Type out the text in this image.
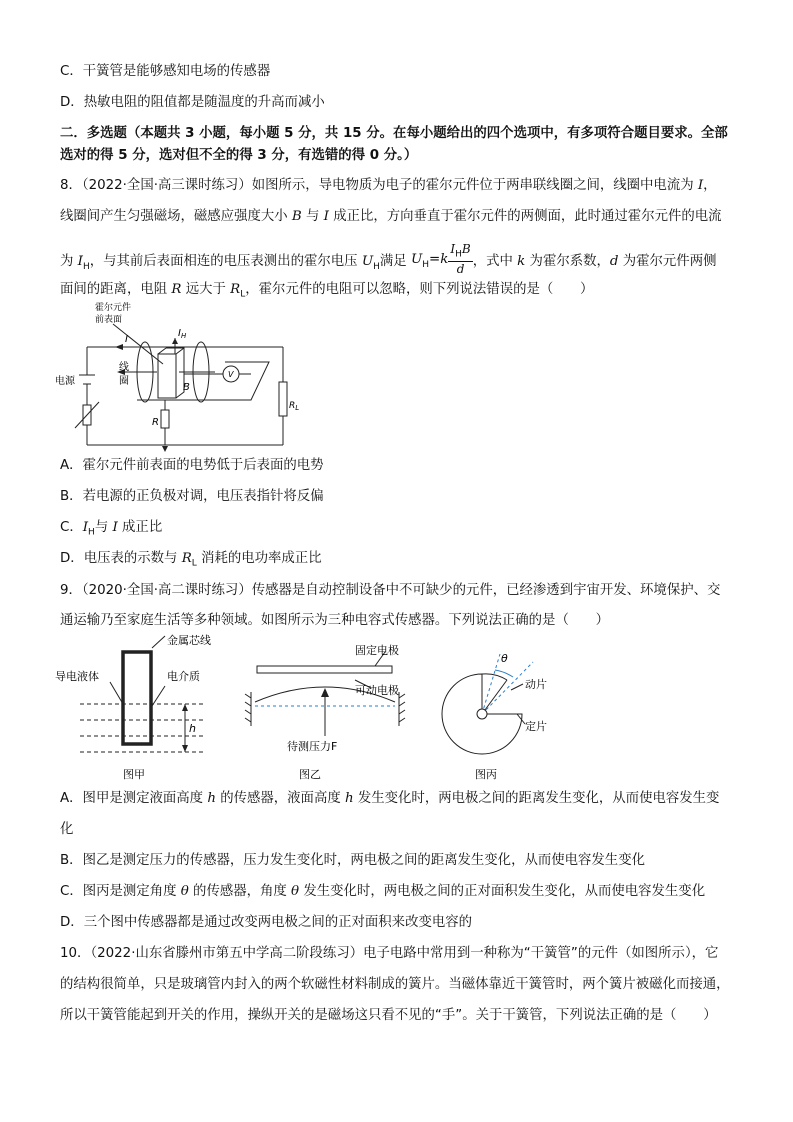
C．干簧管是能够感知电场的传感器
D．热敏电阻的阻值都是随温度的升高而减小
二．多选题（本题共 3 小题，每小题 5 分，共 15 分。在每小题给出的四个选项中，有多项符合题目要求。全部
选对的得 5 分，选对但不全的得 3 分，有选错的得 0 分。）
8．（2022·全国·高三课时练习）如图所示，导电物质为电子的霍尔元件位于两串联线圈之间，线圈中电流为 I，
线圈间产生匀强磁场，磁感应强度大小 B 与 I 成正比，方向垂直于霍尔元件的两侧面，此时通过霍尔元件的电流
为 $I_H$，与其前后表面相连的电压表测出的霍尔电压 $U_H$满足 $U_H=k$
$I_HB$
d
，式中 k 为霍尔系数，d 为霍尔元件两侧
面间的距离，电阻 R 远大于 $R_L$，霍尔元件的电阻可以忽略，则下列说法错误的是（　　）
霍尔元件
前表面
I
$I_H$
线
圈
电源
B
V
R
$R_L$
A．霍尔元件前表面的电势低于后表面的电势
B．若电源的正负极对调，电压表指针将反偏
C．$I_H$与 I 成正比
D．电压表的示数与 $R_L$ 消耗的电功率成正比
9．（2020·全国·高二课时练习）传感器是自动控制设备中不可缺少的元件，已经渗透到宇宙开发、环境保护、交
通运输乃至家庭生活等多种领域。如图所示为三种电容式传感器。下列说法正确的是（　　）
金属芯线
导电液体	电介质
h
图甲
固定电极
可动电极
待测压力F
图乙
θ
动片
定片
图丙
A．图甲是测定液面高度 h 的传感器，液面高度 h 发生变化时，两电极之间的距离发生变化，从而使电容发生变
化
B．图乙是测定压力的传感器，压力发生变化时，两电极之间的距离发生变化，从而使电容发生变化
C．图丙是测定角度 θ 的传感器，角度 θ 发生变化时，两电极之间的正对面积发生变化，从而使电容发生变化
D．三个图中传感器都是通过改变两电极之间的正对面积来改变电容的
10．（2022·山东省滕州市第五中学高二阶段练习）电子电路中常用到一种称为“干簧管”的元件（如图所示），它
的结构很简单，只是玻璃管内封入的两个软磁性材料制成的簧片。当磁体靠近干簧管时，两个簧片被磁化而接通，
所以干簧管能起到开关的作用，操纵开关的是磁场这只看不见的“手”。关于干簧管，下列说法正确的是（　　）
